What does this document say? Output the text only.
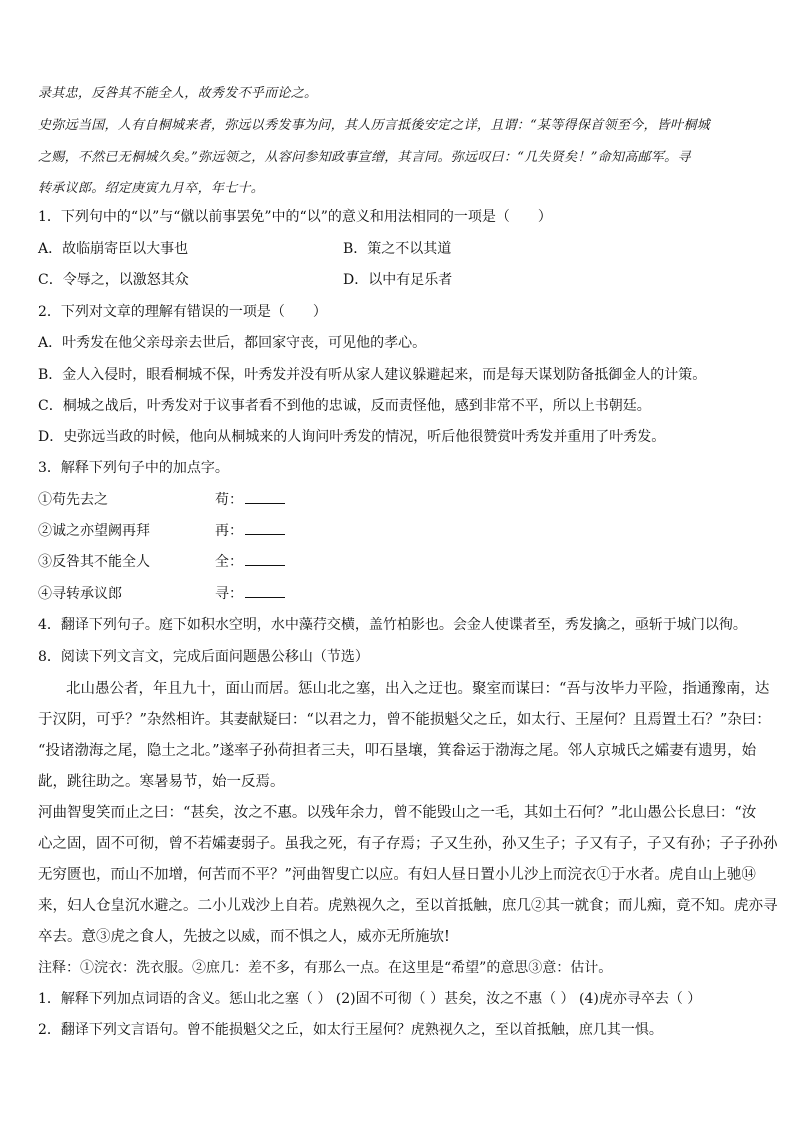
录其忠，反咎其不能全人，故秀发不乎而论之。
史弥远当国，人有自桐城来者，弥远以秀发事为问，其人历言抵後安定之详，且谓：“某等得保首领至今，皆叶桐城
之赐，不然已无桐城久矣。”弥远领之，从容问参知政事宣缯，其言同。弥远叹曰：“几失贤矣！”命知高邮军。寻
转承议郎。绍定庚寅九月卒，年七十。
1．下列句中的“以”与“僦以前事罢免”中的“以”的意义和用法相同的一项是（　　）
A．故临崩寄臣以大事也	B．策之不以其道
C．令辱之，以激怒其众	D．以中有足乐者
2．下列对文章的理解有错误的一项是（　　）
A．叶秀发在他父亲母亲去世后，都回家守丧，可见他的孝心。
B．金人入侵时，眼看桐城不保，叶秀发并没有听从家人建议躲避起来，而是每天谋划防备抵御金人的计策。
C．桐城之战后，叶秀发对于议事者看不到他的忠诚，反而责怪他，感到非常不平，所以上书朝廷。
D．史弥远当政的时候，他向从桐城来的人询问叶秀发的情况，听后他很赞赏叶秀发并重用了叶秀发。
3．解释下列句子中的加点字。
①苟先去之	苟：
②诚之亦望阙再拜	再：
③反咎其不能全人	全：
④寻转承议郎	寻：
4．翻译下列句子。庭下如积水空明，水中藻荇交横，盖竹柏影也。会金人使谍者至，秀发擒之，亟斩于城门以徇。
8．阅读下列文言文，完成后面问题愚公移山（节选）
北山愚公者，年且九十，面山而居。惩山北之塞，出入之迂也。聚室而谋曰：“吾与汝毕力平险，指通豫南，达
于汉阴，可乎？”杂然相许。其妻献疑曰：“以君之力，曾不能损魁父之丘，如太行、王屋何？且焉置土石？”杂曰：
“投诸渤海之尾，隐土之北。”遂率子孙荷担者三夫，叩石垦壤，箕畚运于渤海之尾。邻人京城氏之孀妻有遗男，始
龀，跳往助之。寒暑易节，始一反焉。
河曲智叟笑而止之曰：“甚矣，汝之不惠。以残年余力，曾不能毁山之一毛，其如土石何？”北山愚公长息曰：“汝
心之固，固不可彻，曾不若孀妻弱子。虽我之死，有子存焉；子又生孙，孙又生子；子又有子，子又有孙；子子孙孙
无穷匮也，而山不加增，何苦而不平？”河曲智叟亡以应。有妇人昼日置小儿沙上而浣衣①于水者。虎自山上驰⑭
来，妇人仓皇沉水避之。二小儿戏沙上自若。虎熟视久之，至以首抵触，庶几②其一就食；而儿痴，竟不知。虎亦寻
卒去。意③虎之食人，先披之以威，而不惧之人，威亦无所施欤!
注释：①浣衣：洗衣服。②庶几：差不多，有那么一点。在这里是“希望”的意思③意：估计。
1．解释下列加点词语的含义。惩山北之塞（ ） (2)固不可彻（ ）甚矣，汝之不惠（ ） (4)虎亦寻卒去（ ）
2．翻译下列文言语句。曾不能损魁父之丘，如太行王屋何？虎熟视久之，至以首抵触，庶几其一惧。
